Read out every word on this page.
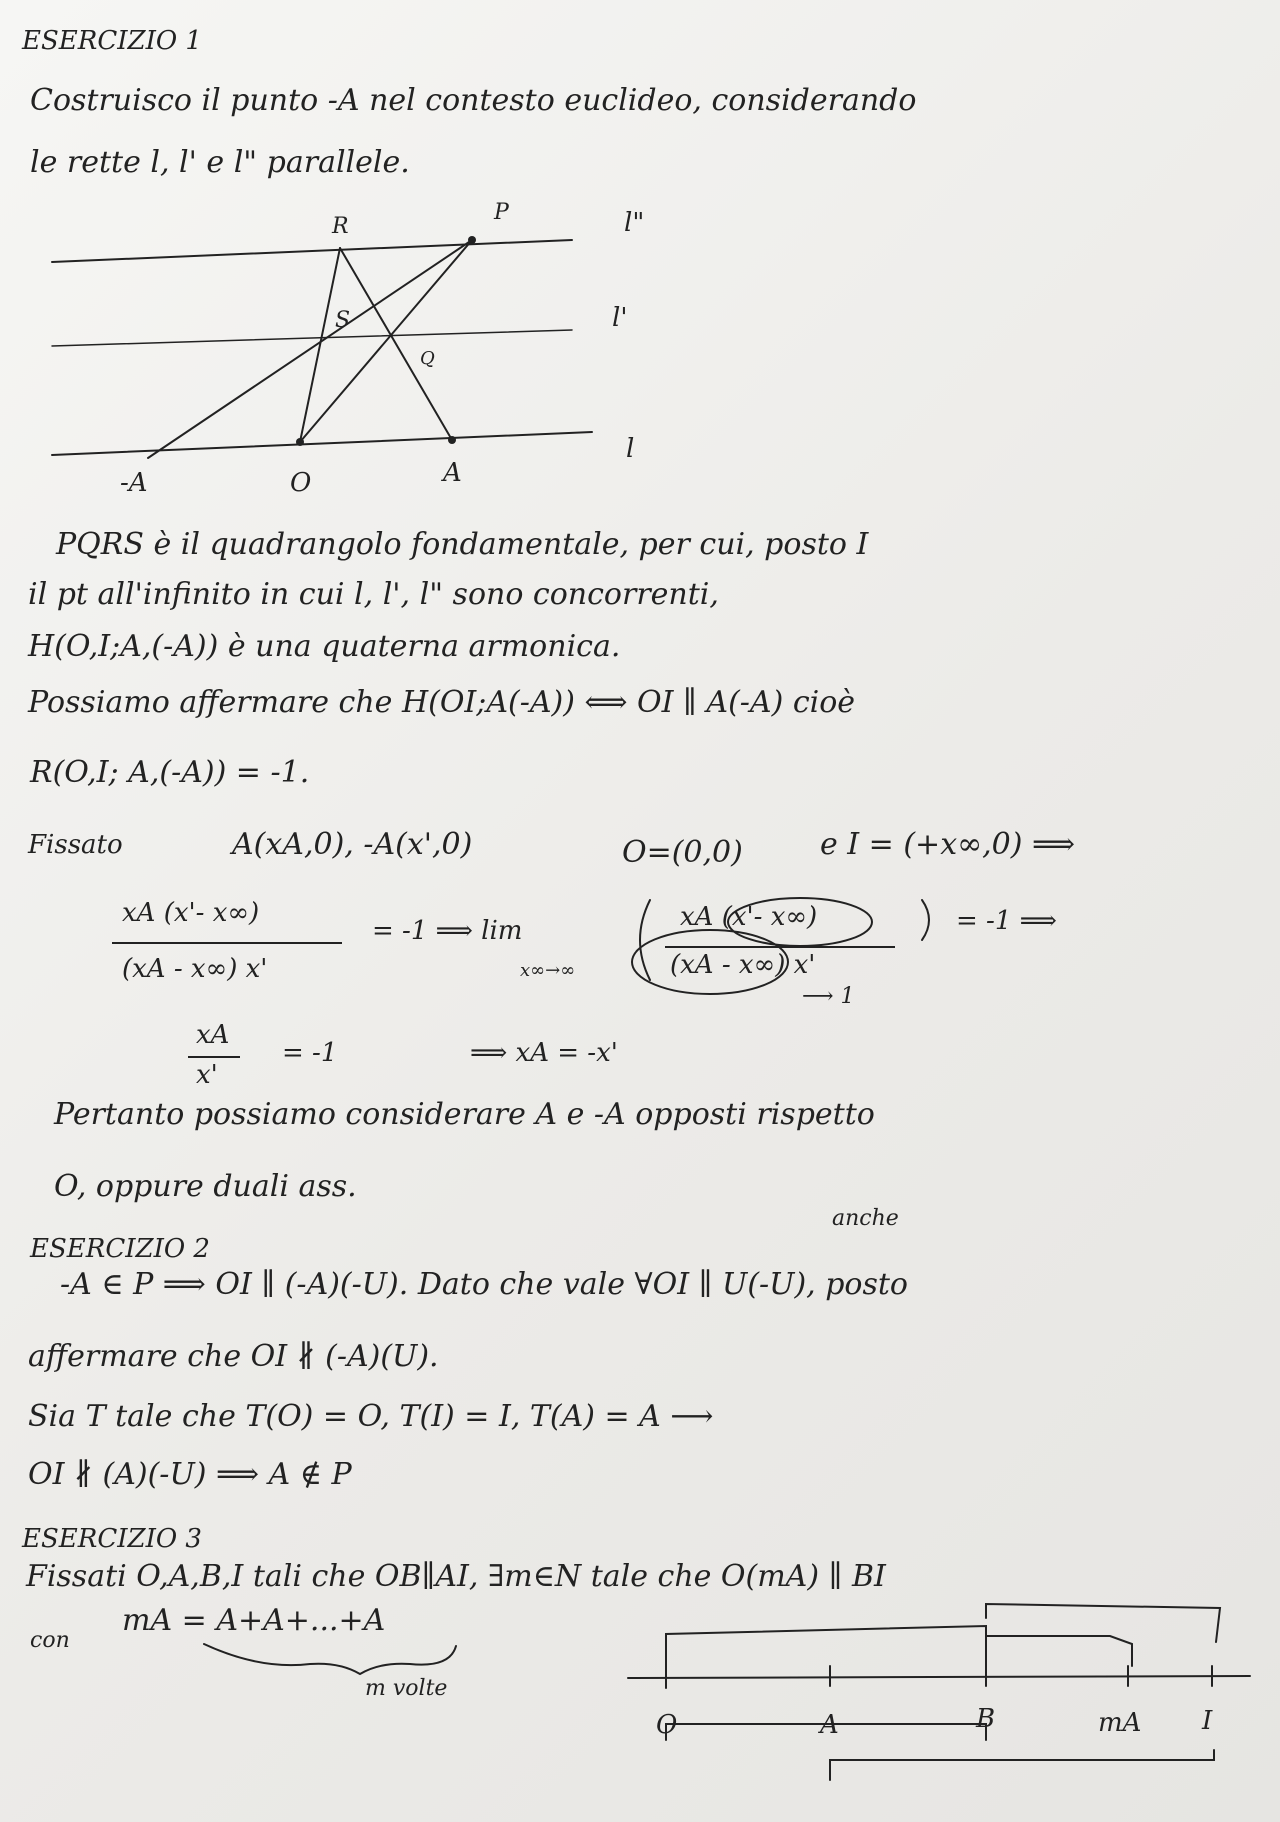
ESERCIZIO 1
Costruisco il punto -A nel contesto euclideo, considerando
le rette l, l' e l" parallele.
R
P
S
Q
-A	O	A
l"
l'
l
PQRS è il quadrangolo fondamentale, per cui, posto I
il pt all'infinito in cui l, l', l" sono concorrenti,
H(O,I;A,(-A)) è una quaterna armonica.
Possiamo affermare che H(OI;A(-A)) ⟺ OI ∥ A(-A) cioè
R(O,I; A,(-A)) = -1.
Fissato	A(xA,0), -A(x',0)	O=(0,0)	e I = (+x∞,0) ⟹
xA (x'- x∞)
(xA - x∞) x'
= -1 ⟹ lim
x∞→∞
xA (x'- x∞)
(xA - x∞) x'
= -1 ⟹
⟶ 1
xA
x'
= -1	⟹ xA = -x'
Pertanto possiamo considerare A e -A opposti rispetto
O, oppure duali ass.
ESERCIZIO 2
anche
-A ∈ P ⟹ OI ∥ (-A)(-U). Dato che vale ∀OI ∥ U(-U), posto
affermare che OI ∦ (-A)(U).
Sia T tale che T(O) = O, T(I) = I, T(A) = A ⟶
OI ∦ (A)(-U) ⟹ A ∉ P
ESERCIZIO 3
Fissati O,A,B,I tali che OB∥AI, ∃m∈N tale che O(mA) ∥ BI
con
mA = A+A+...+A
m volte
O	A	B	mA I
